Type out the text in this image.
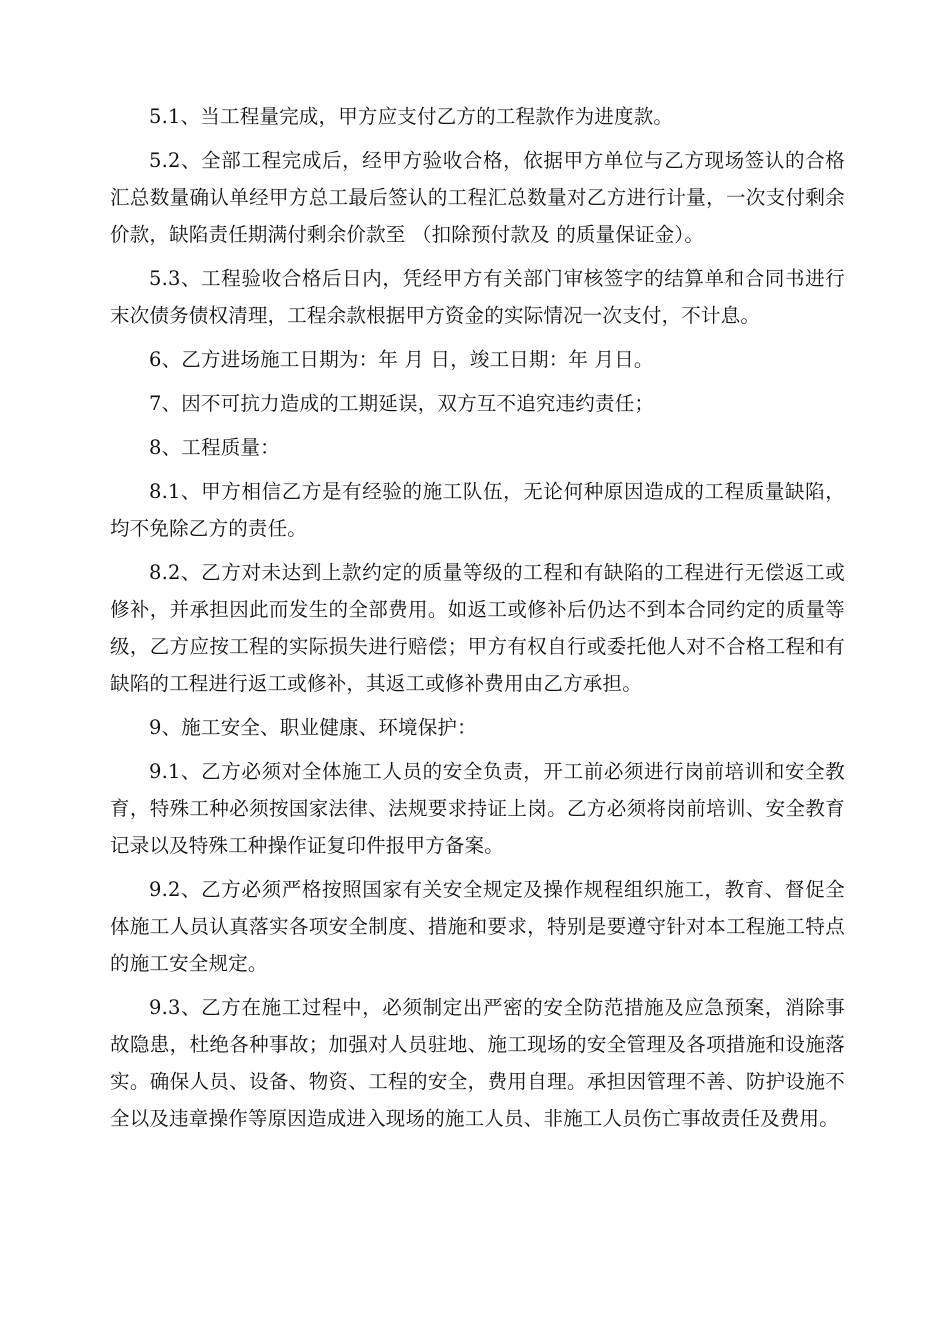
5.1、当工程量完成，甲方应支付乙方的工程款作为进度款。

5.2、全部工程完成后，经甲方验收合格，依据甲方单位与乙方现场签认的合格汇总数量确认单经甲方总工最后签认的工程汇总数量对乙方进行计量，一次支付剩余价款，缺陷责任期满付剩余价款至 （扣除预付款及 的质量保证金）。

5.3、工程验收合格后日内，凭经甲方有关部门审核签字的结算单和合同书进行末次债务债权清理，工程余款根据甲方资金的实际情况一次支付，不计息。

6、乙方进场施工日期为：年 月 日，竣工日期：年 月日。

7、因不可抗力造成的工期延误，双方互不追究违约责任；

8、工程质量：

8.1、甲方相信乙方是有经验的施工队伍，无论何种原因造成的工程质量缺陷，均不免除乙方的责任。

8.2、乙方对未达到上款约定的质量等级的工程和有缺陷的工程进行无偿返工或修补，并承担因此而发生的全部费用。如返工或修补后仍达不到本合同约定的质量等级，乙方应按工程的实际损失进行赔偿；甲方有权自行或委托他人对不合格工程和有缺陷的工程进行返工或修补，其返工或修补费用由乙方承担。

9、施工安全、职业健康、环境保护：

9.1、乙方必须对全体施工人员的安全负责，开工前必须进行岗前培训和安全教育，特殊工种必须按国家法律、法规要求持证上岗。乙方必须将岗前培训、安全教育记录以及特殊工种操作证复印件报甲方备案。

9.2、乙方必须严格按照国家有关安全规定及操作规程组织施工，教育、督促全体施工人员认真落实各项安全制度、措施和要求，特别是要遵守针对本工程施工特点的施工安全规定。

9.3、乙方在施工过程中，必须制定出严密的安全防范措施及应急预案，消除事故隐患，杜绝各种事故；加强对人员驻地、施工现场的安全管理及各项措施和设施落实。确保人员、设备、物资、工程的安全，费用自理。承担因管理不善、防护设施不全以及违章操作等原因造成进入现场的施工人员、非施工人员伤亡事故责任及费用。
